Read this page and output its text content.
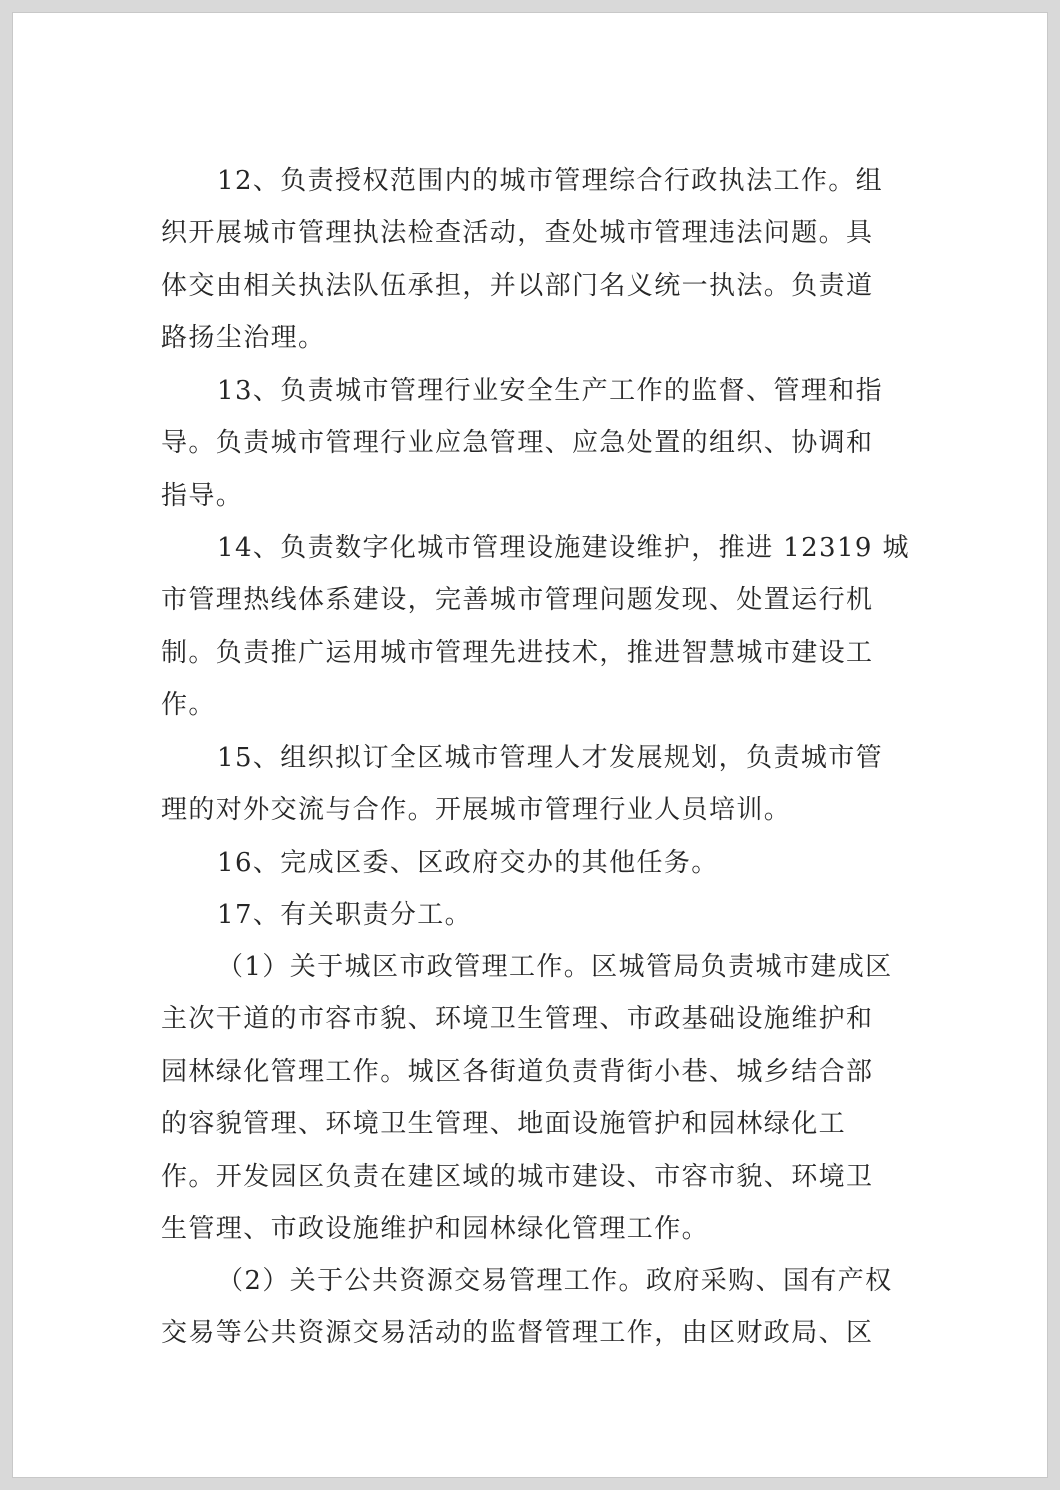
12、负责授权范围内的城市管理综合行政执法工作。组
织开展城市管理执法检查活动，查处城市管理违法问题。具
体交由相关执法队伍承担，并以部门名义统一执法。负责道
路扬尘治理。
13、负责城市管理行业安全生产工作的监督、管理和指
导。负责城市管理行业应急管理、应急处置的组织、协调和
指导。
14、负责数字化城市管理设施建设维护，推进 12319 城
市管理热线体系建设，完善城市管理问题发现、处置运行机
制。负责推广运用城市管理先进技术，推进智慧城市建设工
作。
15、组织拟订全区城市管理人才发展规划，负责城市管
理的对外交流与合作。开展城市管理行业人员培训。
16、完成区委、区政府交办的其他任务。
17、有关职责分工。
（1）关于城区市政管理工作。区城管局负责城市建成区
主次干道的市容市貌、环境卫生管理、市政基础设施维护和
园林绿化管理工作。城区各街道负责背街小巷、城乡结合部
的容貌管理、环境卫生管理、地面设施管护和园林绿化工
作。开发园区负责在建区域的城市建设、市容市貌、环境卫
生管理、市政设施维护和园林绿化管理工作。
（2）关于公共资源交易管理工作。政府采购、国有产权
交易等公共资源交易活动的监督管理工作，由区财政局、区
